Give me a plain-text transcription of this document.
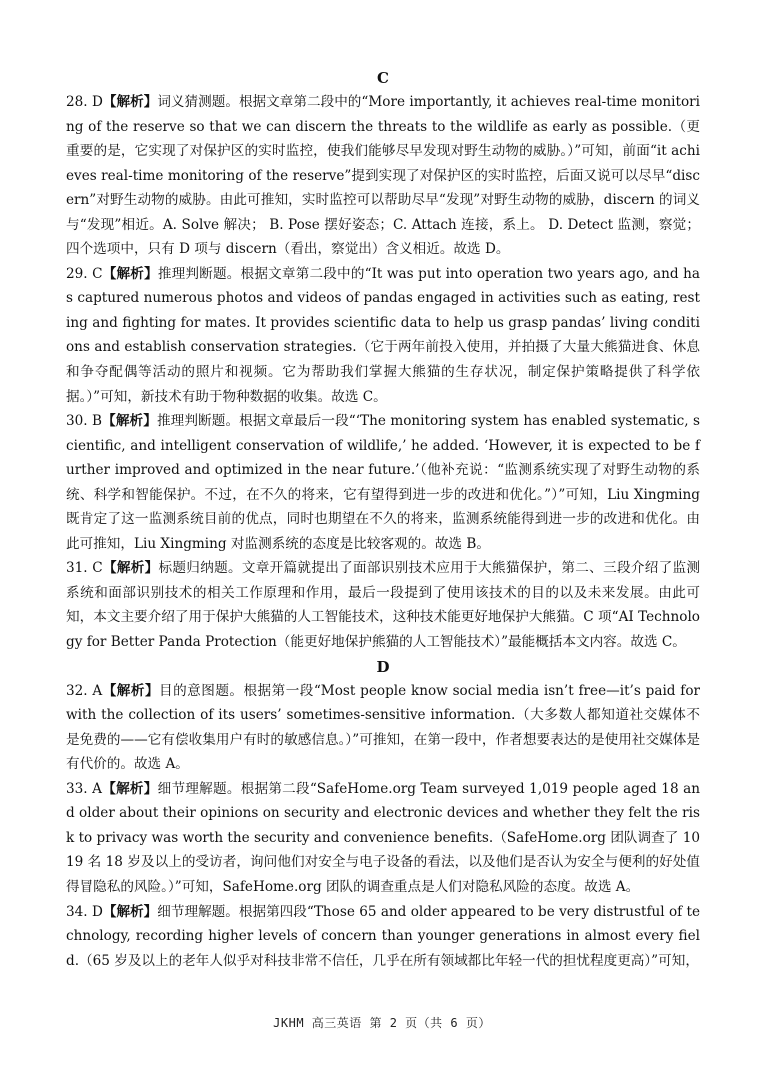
C

28. D【解析】词义猜测题。根据文章第二段中的“More importantly, it achieves real-time monitoring of the reserve so that we can discern the threats to the wildlife as early as possible.（更重要的是，它实现了对保护区的实时监控，使我们能够尽早发现对野生动物的威胁。）”可知，前面“it achieves real-time monitoring of the reserve”提到实现了对保护区的实时监控，后面又说可以尽早“discern”对野生动物的威胁。由此可推知，实时监控可以帮助尽早“发现”对野生动物的威胁，discern 的词义与“发现”相近。A. Solve 解决； B. Pose 摆好姿态；C. Attach 连接，系上。 D. Detect 监测，察觉；四个选项中，只有 D 项与 discern（看出，察觉出）含义相近。故选 D。

29. C【解析】推理判断题。根据文章第二段中的“It was put into operation two years ago, and has captured numerous photos and videos of pandas engaged in activities such as eating, resting and fighting for mates. It provides scientific data to help us grasp pandas’ living conditions and establish conservation strategies.（它于两年前投入使用，并拍摄了大量大熊猫进食、休息和争夺配偶等活动的照片和视频。它为帮助我们掌握大熊猫的生存状况，制定保护策略提供了科学依据。）”可知，新技术有助于物种数据的收集。故选 C。

30. B【解析】推理判断题。根据文章最后一段“‘The monitoring system has enabled systematic, scientific, and intelligent conservation of wildlife,’ he added. ‘However, it is expected to be further improved and optimized in the near future.’（他补充说：“监测系统实现了对野生动物的系统、科学和智能保护。不过，在不久的将来，它有望得到进一步的改进和优化。”）”可知，Liu Xingming 既肯定了这一监测系统目前的优点，同时也期望在不久的将来，监测系统能得到进一步的改进和优化。由此可推知，Liu Xingming 对监测系统的态度是比较客观的。故选 B。

31. C【解析】标题归纳题。文章开篇就提出了面部识别技术应用于大熊猫保护，第二、三段介绍了监测系统和面部识别技术的相关工作原理和作用，最后一段提到了使用该技术的目的以及未来发展。由此可知，本文主要介绍了用于保护大熊猫的人工智能技术，这种技术能更好地保护大熊猫。C 项“AI Technology for Better Panda Protection（能更好地保护熊猫的人工智能技术）”最能概括本文内容。故选 C。

D

32. A【解析】目的意图题。根据第一段“Most people know social media isn’t free—it’s paid for with the collection of its users’ sometimes-sensitive information.（大多数人都知道社交媒体不是免费的——它有偿收集用户有时的敏感信息。）”可推知，在第一段中，作者想要表达的是使用社交媒体是有代价的。故选 A。

33. A【解析】细节理解题。根据第二段“SafeHome.org Team surveyed 1,019 people aged 18 and older about their opinions on security and electronic devices and whether they felt the risk to privacy was worth the security and convenience benefits.（SafeHome.org 团队调查了 1019 名 18 岁及以上的受访者，询问他们对安全与电子设备的看法，以及他们是否认为安全与便利的好处值得冒隐私的风险。）”可知，SafeHome.org 团队的调查重点是人们对隐私风险的态度。故选 A。

34. D【解析】细节理解题。根据第四段“Those 65 and older appeared to be very distrustful of technology, recording higher levels of concern than younger generations in almost every field.（65 岁及以上的老年人似乎对科技非常不信任，几乎在所有领域都比年轻一代的担忧程度更高）”可知，

JKHM 高三英语 第 2 页（共 6 页）
